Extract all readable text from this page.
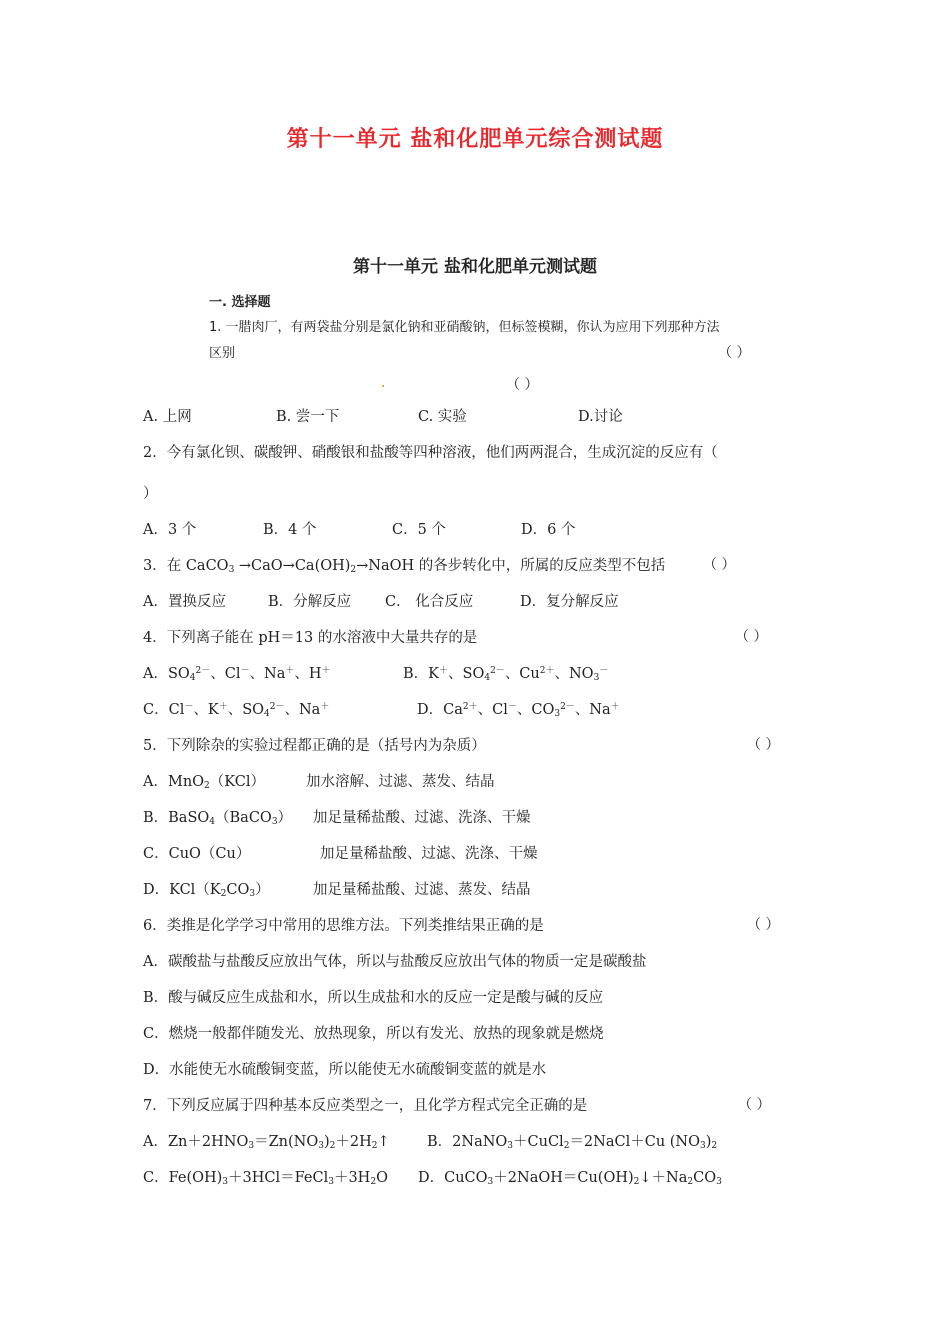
第十一单元 盐和化肥单元综合测试题
第十一单元 盐和化肥单元测试题
一. 选择题
1. 一腊肉厂，有两袋盐分别是氯化钠和亚硝酸钠，但标签模糊，你认为应用下列那种方法
区别	（ ）
（ ）
A. 上网	B. 尝一下	C. 实验	D.讨论
2．今有氯化钡、碳酸钾、硝酸银和盐酸等四种溶液，他们两两混合，生成沉淀的反应有（
）
A．3 个	B．4 个	C．5 个	D．6 个
3．在 CaCO$_3$ $\to CaO\to Ca(OH)_2\to NaOH$ 的各步转化中，所属的反应类型不包括	（ ）
A．置换反应	B．分解反应 C． 化合反应	D．复分解反应
4．下列离子能在 pH＝13 的水溶液中大量共存的是	（ ）
A．$SO_4^{2-}$、Cl－、Na＋、H＋	B．K＋、$SO_4^{2-}$、$Cu^{2+}$、$NO_3^-$
C．Cl－、K＋、$SO_4^{2-}$、Na＋	D．$Ca^{2+}$、Cl－、$CO_3^{2-}$、Na＋
5．下列除杂的实验过程都正确的是（括号内为杂质）	（ ）
A．MnO$_2$（KCl）	加水溶解、过滤、蒸发、结晶
B．BaSO$_4$（BaCO$_3$） 加足量稀盐酸、过滤、洗涤、干燥
C．CuO（Cu）	加足量稀盐酸、过滤、洗涤、干燥
D．$KCl(K_2CO_3)$	加足量稀盐酸、过滤、蒸发、结晶
6．类推是化学学习中常用的思维方法。下列类推结果正确的是	（ ）
A．碳酸盐与盐酸反应放出气体，所以与盐酸反应放出气体的物质一定是碳酸盐
B．酸与碱反应生成盐和水，所以生成盐和水的反应一定是酸与碱的反应
C．燃烧一般都伴随发光、放热现象，所以有发光、放热的现象就是燃烧
D．水能使无水硫酸铜变蓝，所以能使无水硫酸铜变蓝的就是水
7．下列反应属于四种基本反应类型之一，且化学方程式完全正确的是	（ ）
A．$Zn+2HNO_3=Zn(NO_3)_2+2H_2↑$	B．2NaNO$_3$＋CuCl$_2$＝2NaCl＋Cu $(NO_3)_2$
C．$Fe(OH)_3+3HCl=FeCl_3+3H_2O$ D．$CuCO_3+2NaOH=Cu(OH)_2↓+Na_2CO_3$
